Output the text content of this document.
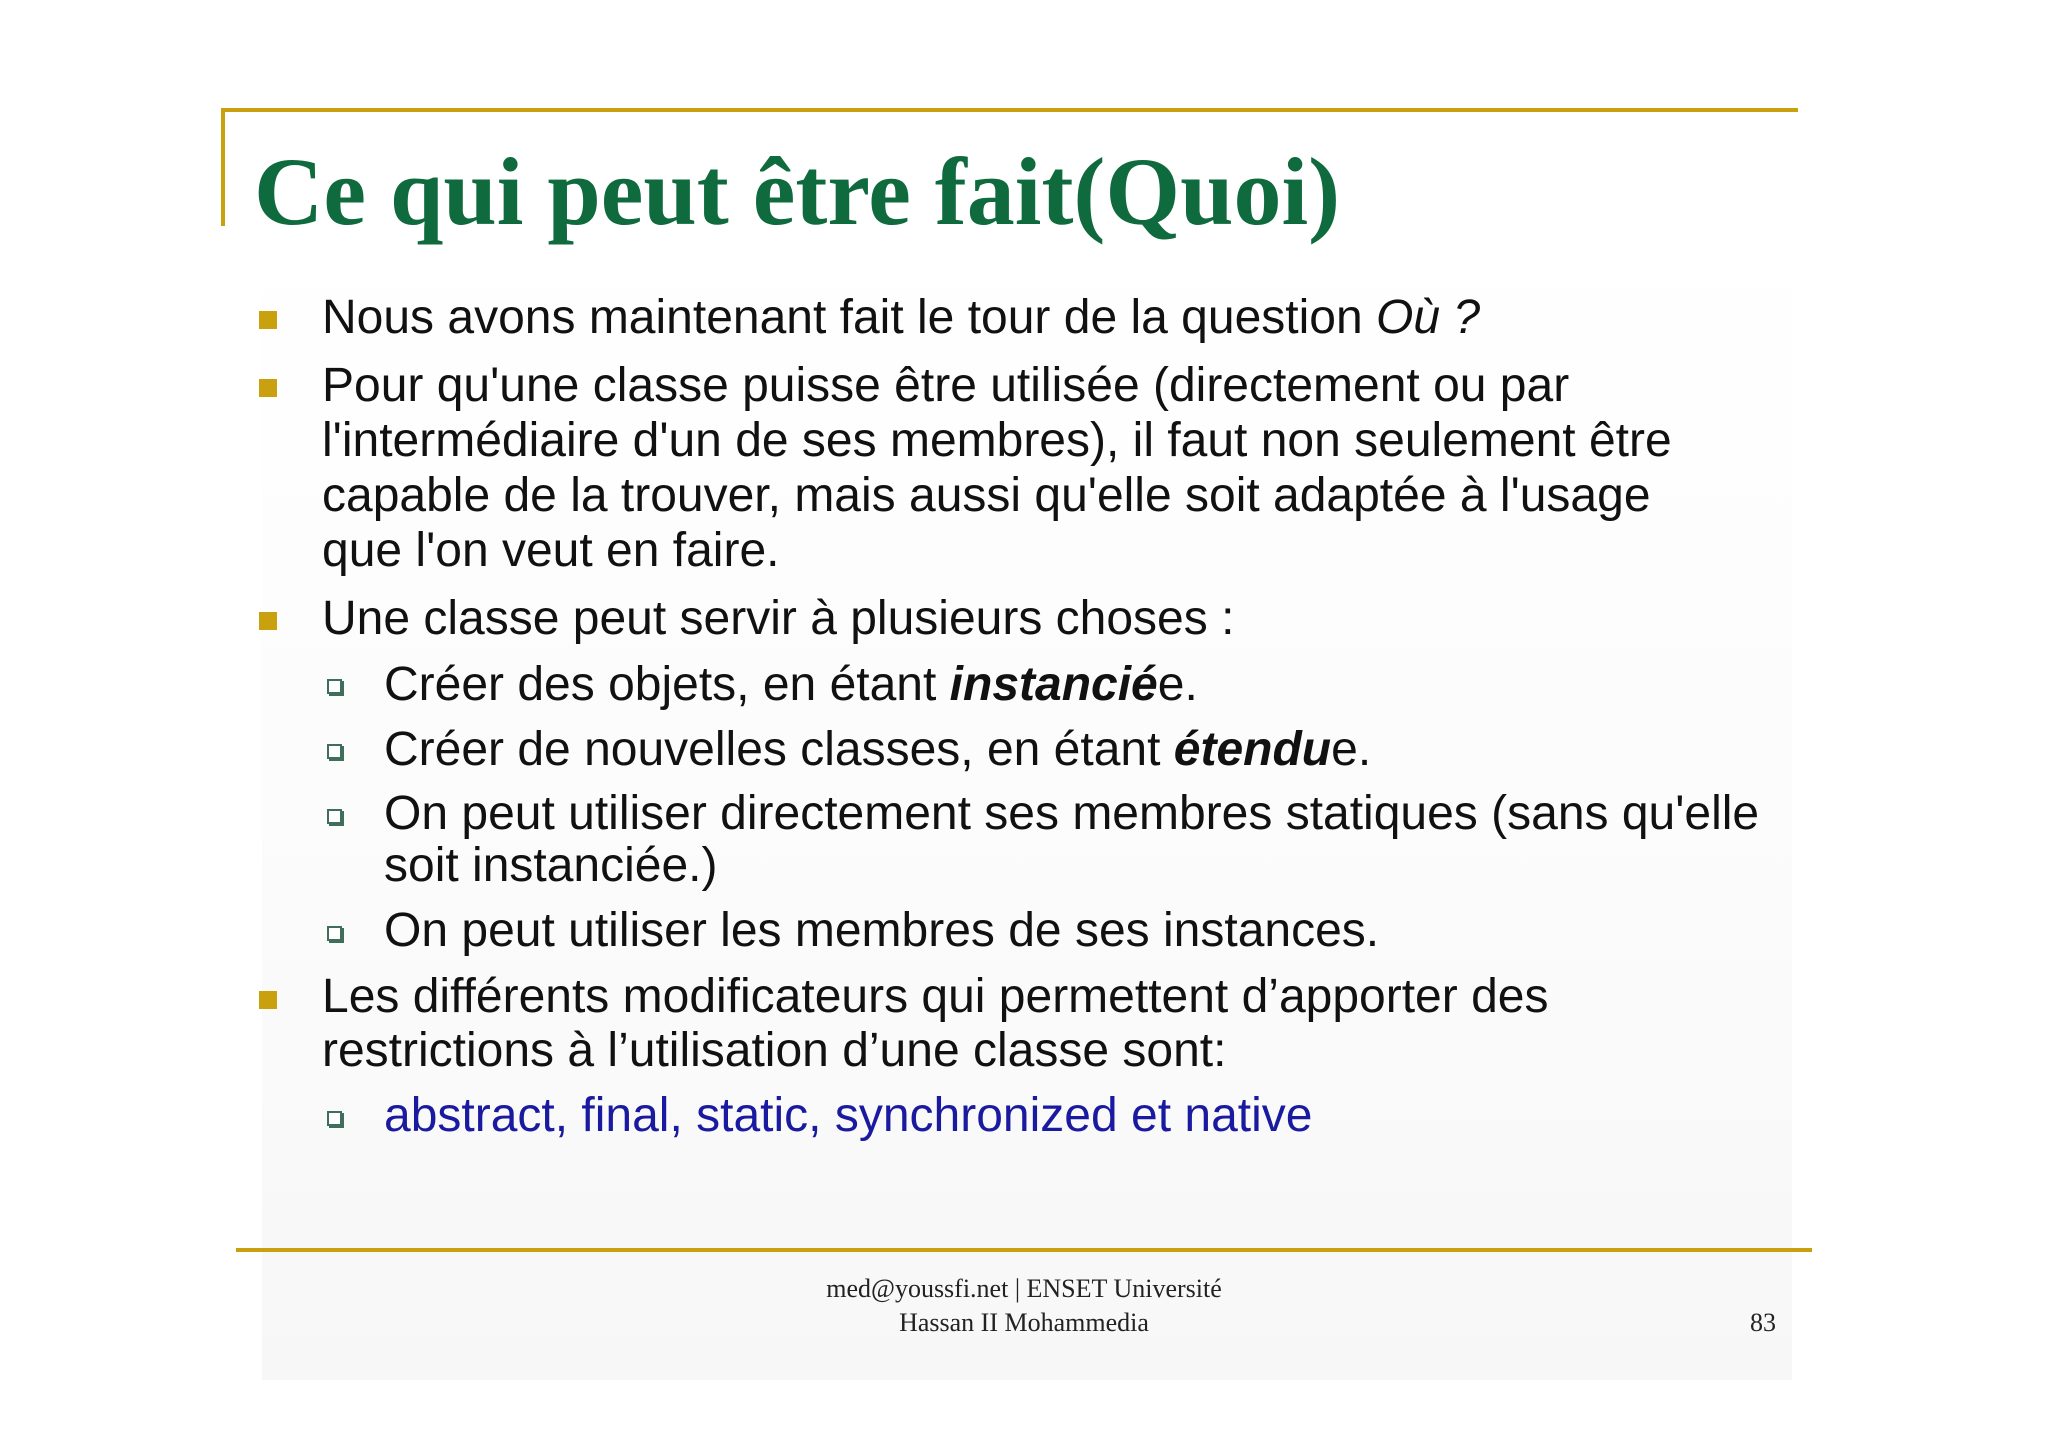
Ce qui peut être fait(Quoi)
Nous avons maintenant fait le tour de la question Où ?
Pour qu'une classe puisse être utilisée (directement ou par
l'intermédiaire d'un de ses membres), il faut non seulement être
capable de la trouver, mais aussi qu'elle soit adaptée à l'usage
que l'on veut en faire.
Une classe peut servir à plusieurs choses :
Créer des objets, en étant instanciée.
Créer de nouvelles classes, en étant étendue.
On peut utiliser directement ses membres statiques (sans qu'elle
soit instanciée.)
On peut utiliser les membres de ses instances.
Les différents modificateurs qui permettent d’apporter des
restrictions à l’utilisation d’une classe sont:
abstract, final, static, synchronized et native
med@youssfi.net | ENSET Université
Hassan II Mohammedia	83
